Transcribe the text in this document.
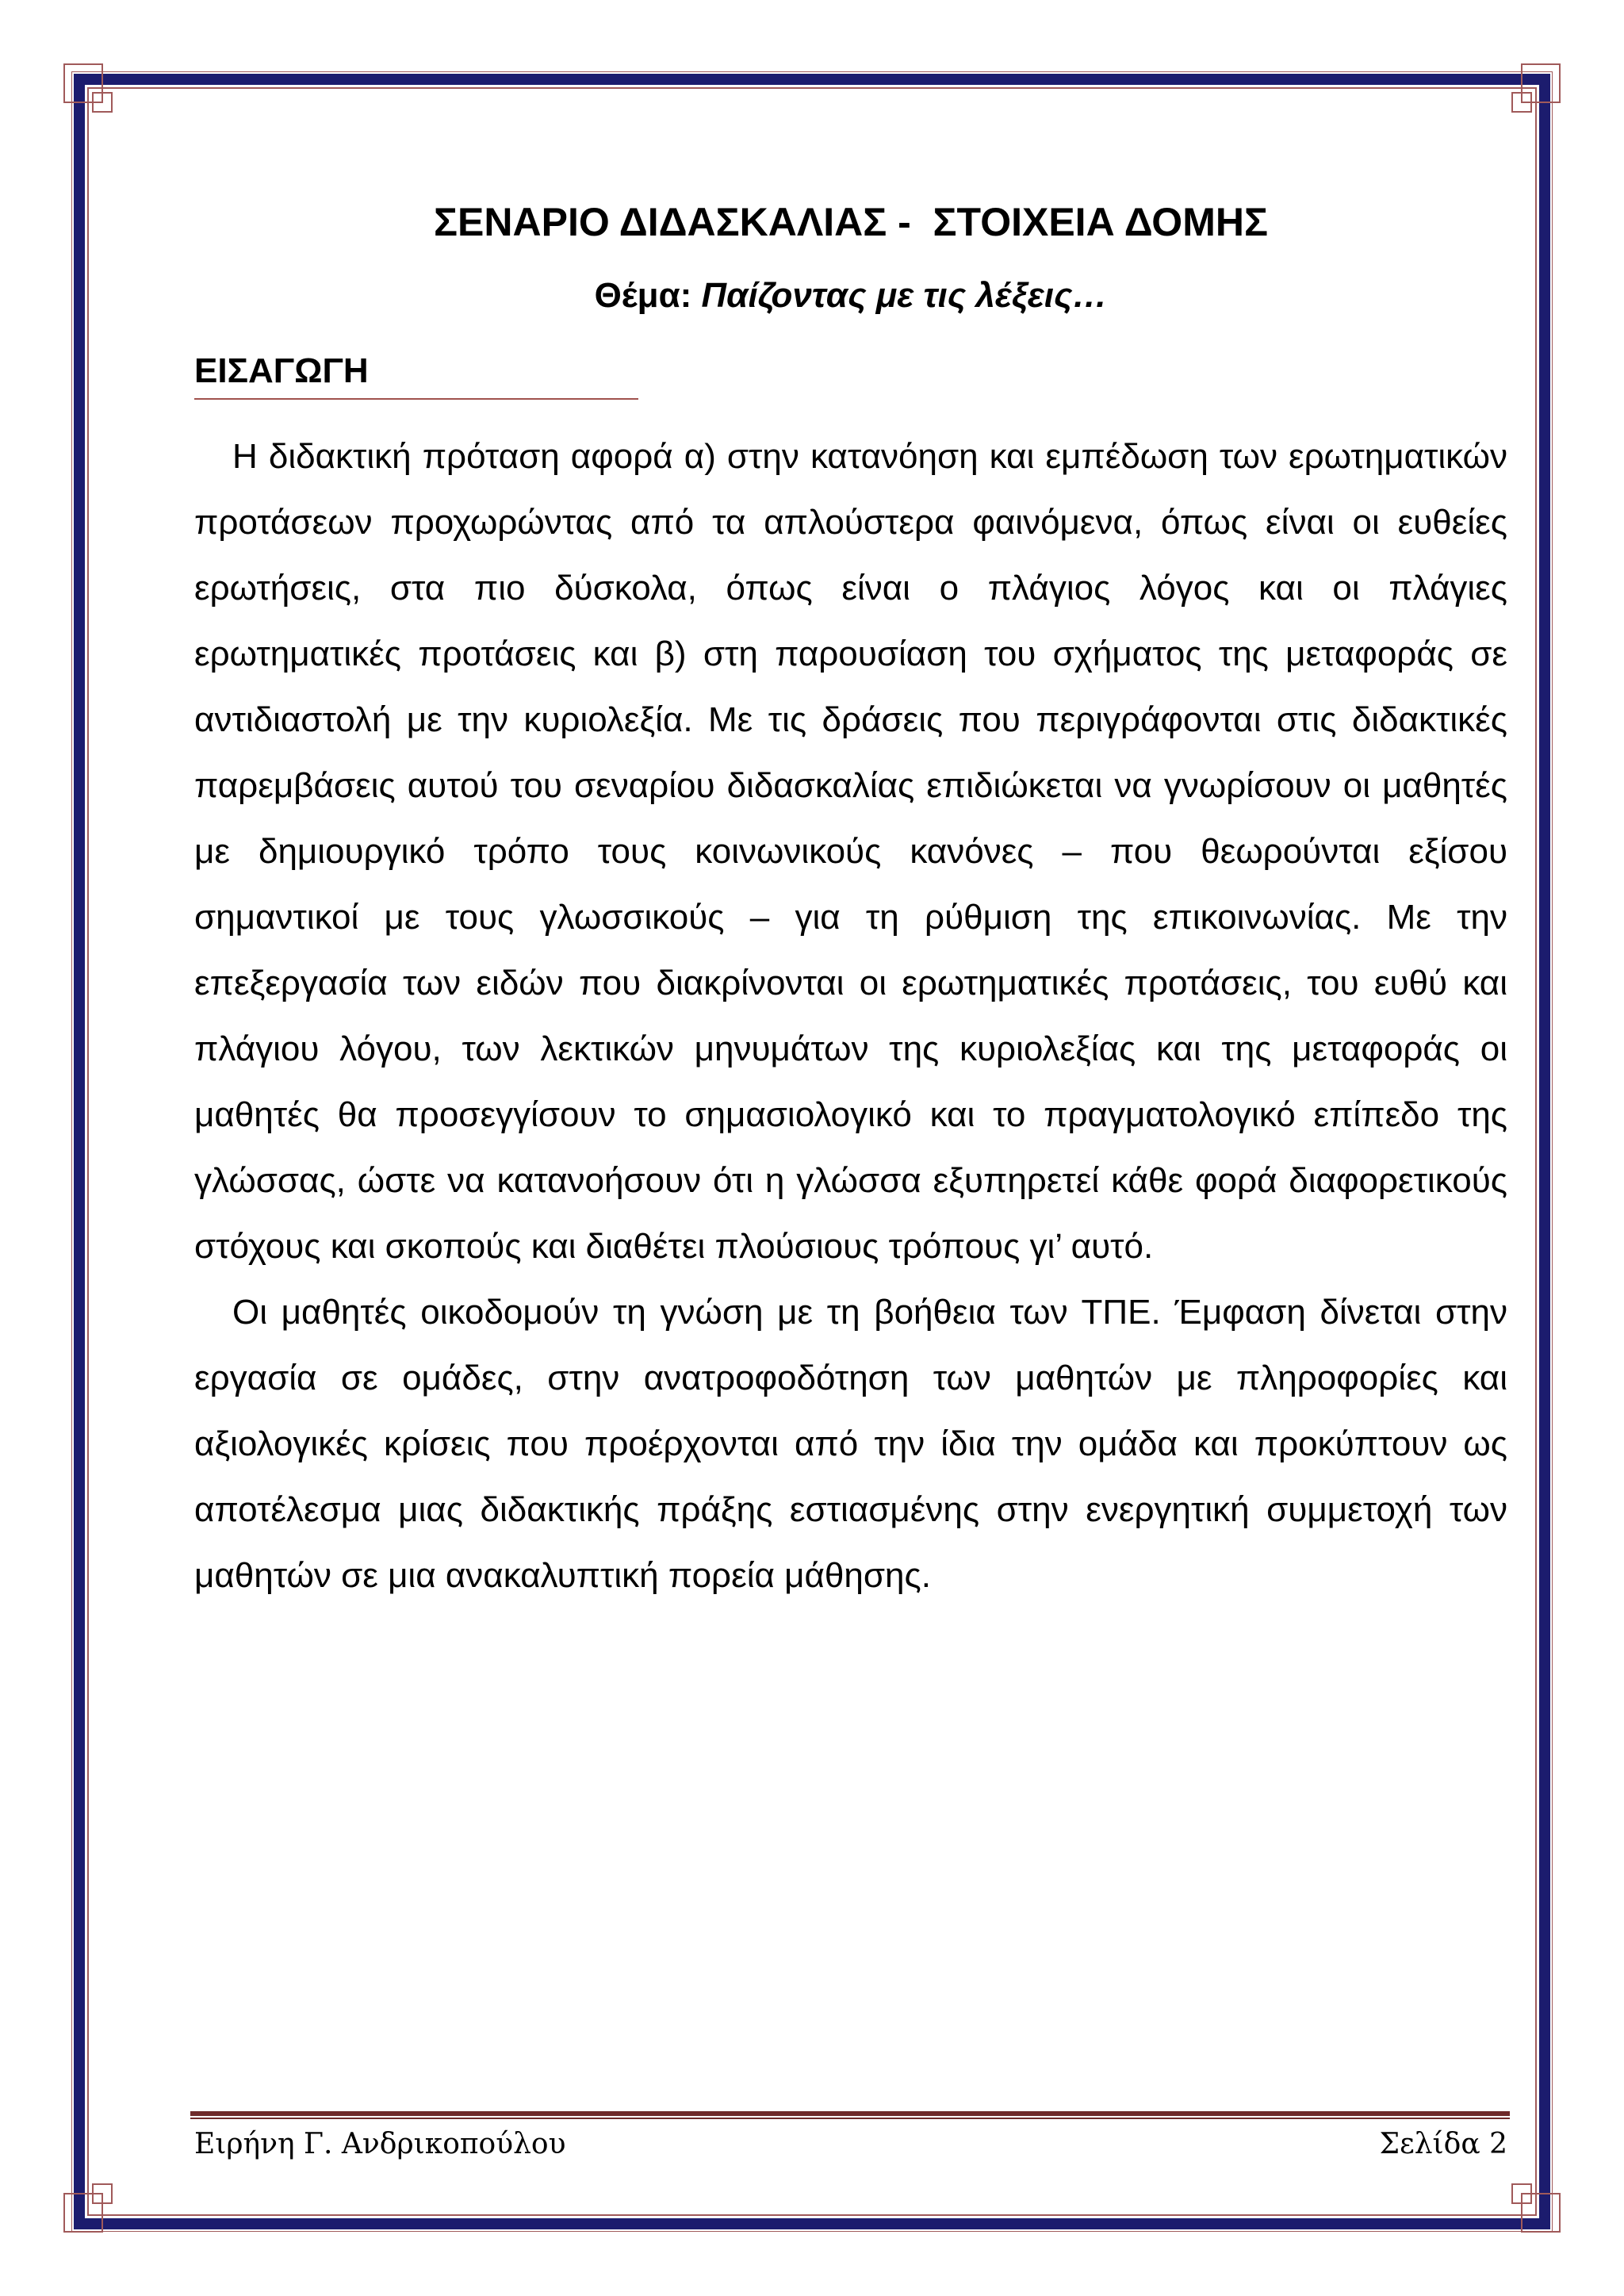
ΣΕΝΑΡΙΟ ΔΙΔΑΣΚΑΛΙΑΣ -  ΣΤΟΙΧΕΙΑ ΔΟΜΗΣ

Θέμα: Παίζοντας με τις λέξεις…

ΕΙΣΑΓΩΓΗ

Η διδακτική πρόταση αφορά α) στην κατανόηση και εμπέδωση των ερωτηματικών προτάσεων προχωρώντας από τα απλούστερα φαινόμενα, όπως είναι οι ευθείες ερωτήσεις, στα πιο δύσκολα, όπως είναι ο πλάγιος λόγος και οι πλάγιες ερωτηματικές προτάσεις και β) στη παρουσίαση του σχήματος της μεταφοράς σε αντιδιαστολή με την κυριολεξία. Με τις δράσεις που περιγράφονται στις διδακτικές παρεμβάσεις αυτού του σεναρίου διδασκαλίας επιδιώκεται να γνωρίσουν οι μαθητές με δημιουργικό τρόπο τους κοινωνικούς κανόνες – που θεωρούνται εξίσου σημαντικοί με τους γλωσσικούς – για τη ρύθμιση της επικοινωνίας. Με την επεξεργασία των ειδών που διακρίνονται οι ερωτηματικές προτάσεις, του ευθύ και πλάγιου λόγου, των λεκτικών μηνυμάτων της κυριολεξίας και της μεταφοράς οι μαθητές θα προσεγγίσουν το σημασιολογικό και το πραγματολογικό επίπεδο της γλώσσας, ώστε να κατανοήσουν ότι η γλώσσα εξυπηρετεί κάθε φορά διαφορετικούς στόχους και σκοπούς και διαθέτει πλούσιους τρόπους γι’ αυτό.

Οι μαθητές οικοδομούν τη γνώση με τη βοήθεια των ΤΠΕ. Έμφαση δίνεται στην εργασία σε ομάδες, στην ανατροφοδότηση των μαθητών με πληροφορίες και αξιολογικές κρίσεις που προέρχονται από την ίδια την ομάδα και προκύπτουν ως αποτέλεσμα μιας διδακτικής πράξης εστιασμένης στην ενεργητική συμμετοχή των μαθητών σε μια ανακαλυπτική πορεία μάθησης.

Ειρήνη Γ. Ανδρικοπούλου	Σελίδα 2
